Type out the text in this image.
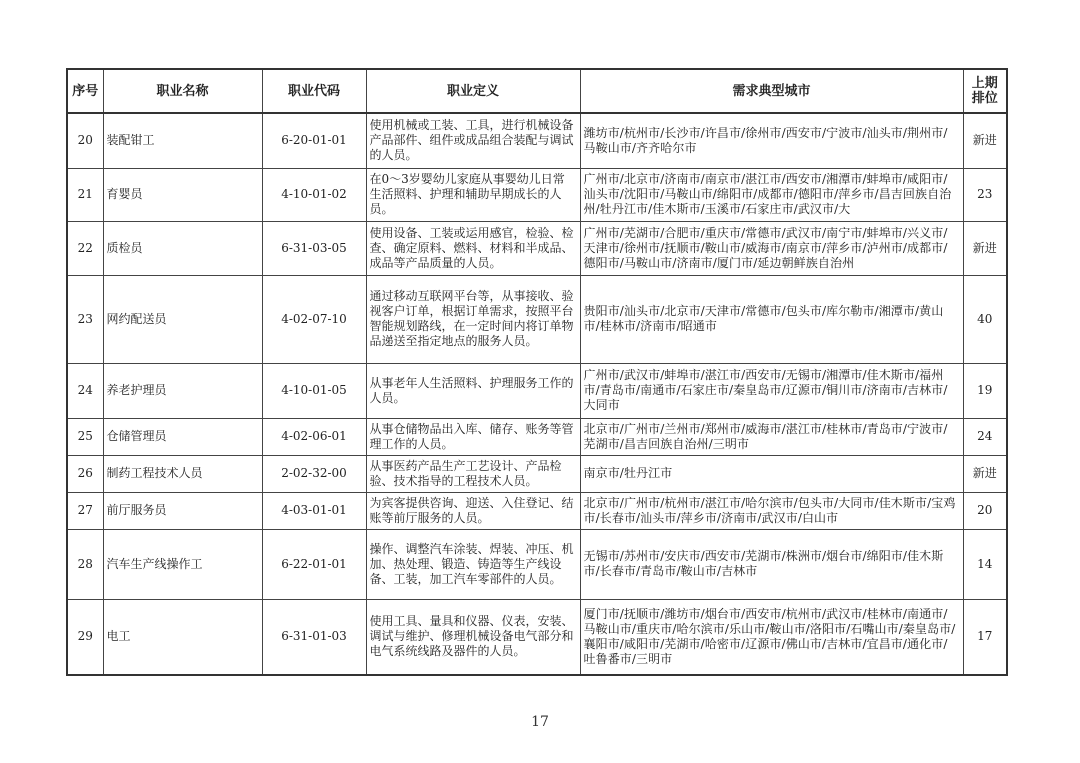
序号	职业名称	职业代码	职业定义	需求典型城市	上期排位
20	装配钳工	6-20-01-01	使用机械或工装、工具，进行机械设备产品部件、组件或成品组合装配与调试的人员。	潍坊市/杭州市/长沙市/许昌市/徐州市/西安市/宁波市/汕头市/荆州市/马鞍山市/齐齐哈尔市	新进
21	育婴员	4-10-01-02	在0～3岁婴幼儿家庭从事婴幼儿日常生活照料、护理和辅助早期成长的人员。	广州市/北京市/济南市/南京市/湛江市/西安市/湘潭市/蚌埠市/咸阳市/汕头市/沈阳市/马鞍山市/绵阳市/成都市/德阳市/萍乡市/昌吉回族自治州/牡丹江市/佳木斯市/玉溪市/石家庄市/武汉市/大	23
22	质检员	6-31-03-05	使用设备、工装或运用感官，检验、检查、确定原料、燃料、材料和半成品、成品等产品质量的人员。	广州市/芜湖市/合肥市/重庆市/常德市/武汉市/南宁市/蚌埠市/兴义市/天津市/徐州市/抚顺市/鞍山市/威海市/南京市/萍乡市/泸州市/成都市/德阳市/马鞍山市/济南市/厦门市/延边朝鲜族自治州	新进
23	网约配送员	4-02-07-10	通过移动互联网平台等，从事接收、验视客户订单，根据订单需求，按照平台智能规划路线，在一定时间内将订单物品递送至指定地点的服务人员。	贵阳市/汕头市/北京市/天津市/常德市/包头市/库尔勒市/湘潭市/黄山市/桂林市/济南市/昭通市	40
24	养老护理员	4-10-01-05	从事老年人生活照料、护理服务工作的人员。	广州市/武汉市/蚌埠市/湛江市/西安市/无锡市/湘潭市/佳木斯市/福州市/青岛市/南通市/石家庄市/秦皇岛市/辽源市/铜川市/济南市/吉林市/大同市	19
25	仓储管理员	4-02-06-01	从事仓储物品出入库、储存、账务等管理工作的人员。	北京市/广州市/兰州市/郑州市/威海市/湛江市/桂林市/青岛市/宁波市/芜湖市/昌吉回族自治州/三明市	24
26	制药工程技术人员	2-02-32-00	从事医药产品生产工艺设计、产品检验、技术指导的工程技术人员。	南京市/牡丹江市	新进
27	前厅服务员	4-03-01-01	为宾客提供咨询、迎送、入住登记、结账等前厅服务的人员。	北京市/广州市/杭州市/湛江市/哈尔滨市/包头市/大同市/佳木斯市/宝鸡市/长春市/汕头市/萍乡市/济南市/武汉市/白山市	20
28	汽车生产线操作工	6-22-01-01	操作、调整汽车涂装、焊装、冲压、机加、热处理、锻造、铸造等生产线设备、工装，加工汽车零部件的人员。	无锡市/苏州市/安庆市/西安市/芜湖市/株洲市/烟台市/绵阳市/佳木斯市/长春市/青岛市/鞍山市/吉林市	14
29	电工	6-31-01-03	使用工具、量具和仪器、仪表，安装、调试与维护、修理机械设备电气部分和电气系统线路及器件的人员。	厦门市/抚顺市/潍坊市/烟台市/西安市/杭州市/武汉市/桂林市/南通市/马鞍山市/重庆市/哈尔滨市/乐山市/鞍山市/洛阳市/石嘴山市/秦皇岛市/襄阳市/咸阳市/芜湖市/哈密市/辽源市/佛山市/吉林市/宜昌市/通化市/吐鲁番市/三明市	17
17
